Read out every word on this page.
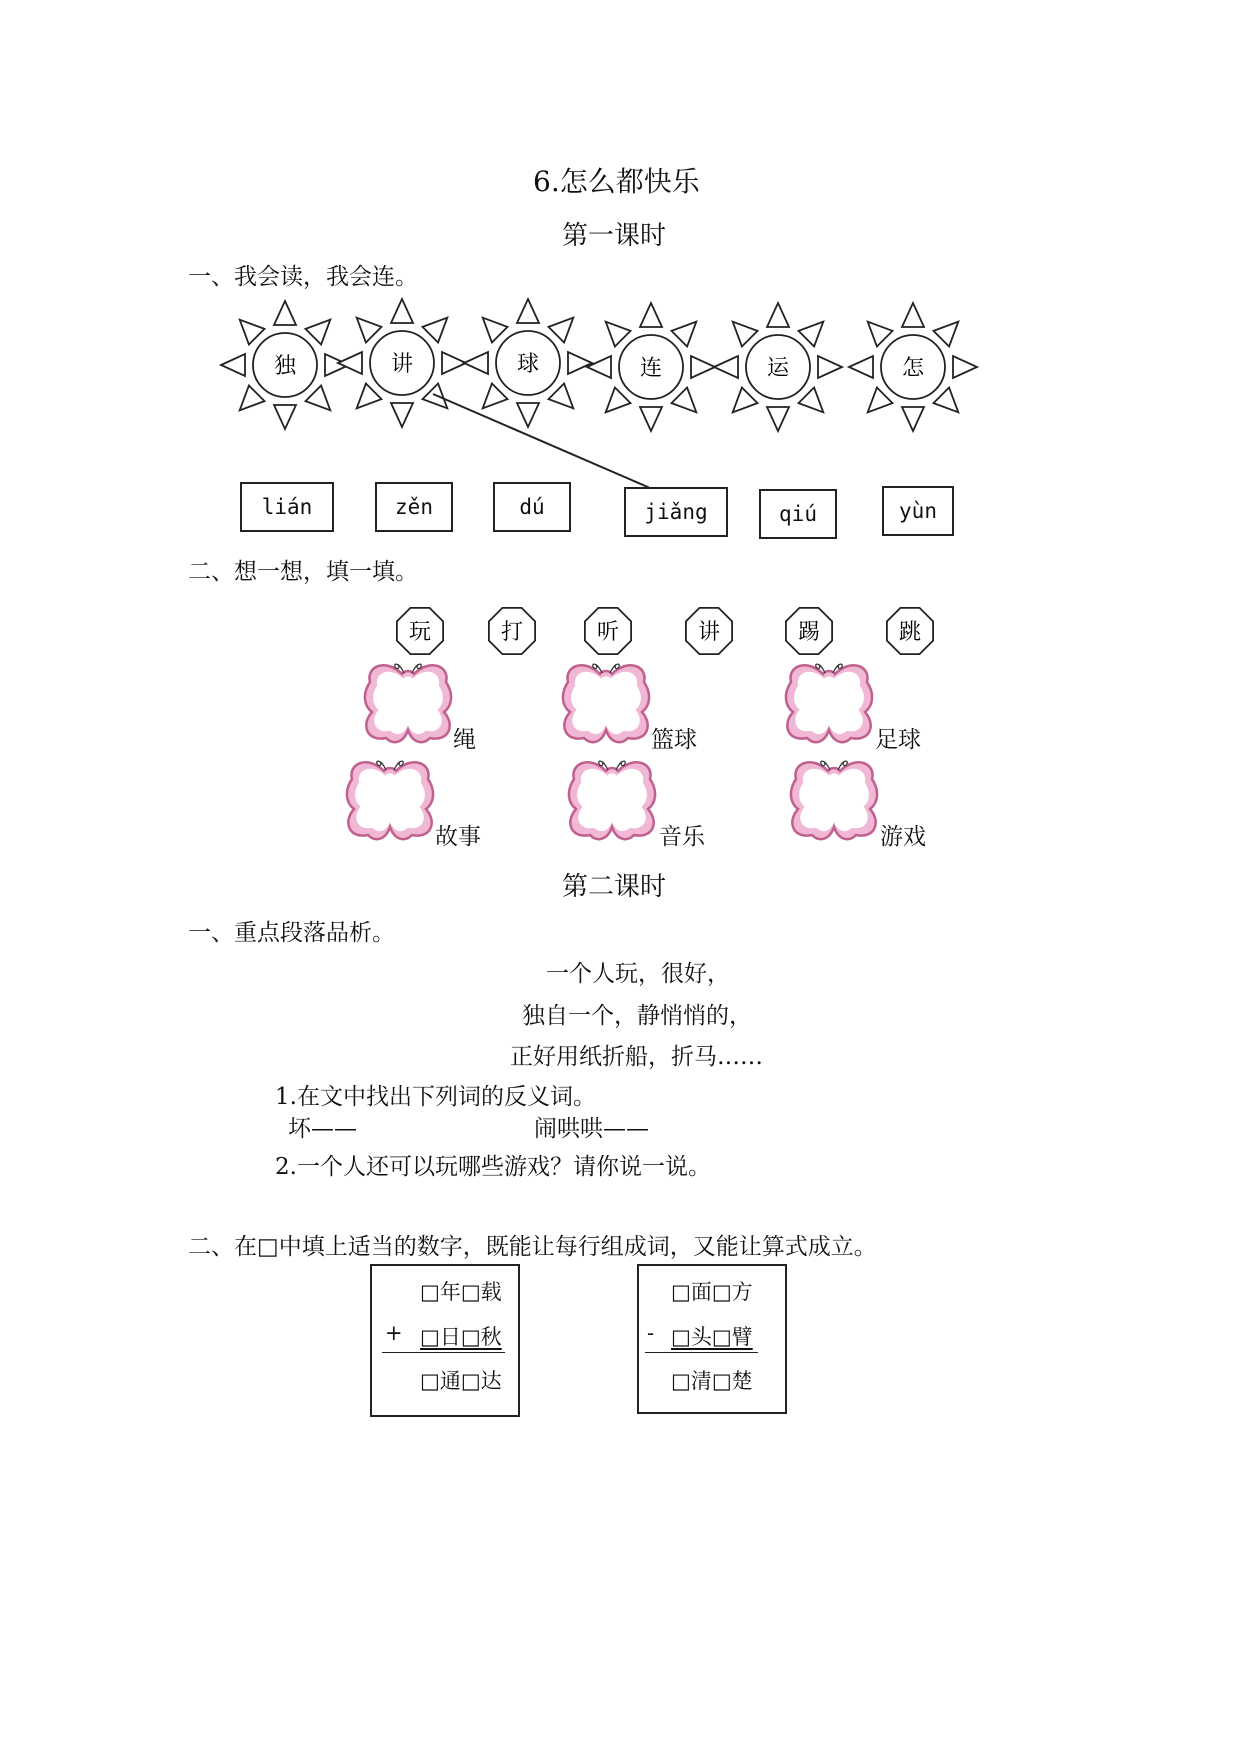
6.怎么都快乐
第一课时
一、我会读，我会连。
独	讲	球	连	运	怎
lián	zěn	dú	jiǎng	qiú	yùn
二、想一想，填一填。
玩	打	听	讲	踢	跳
绳	篮球	足球
故事	音乐	游戏
第二课时
一、重点段落品析。
一个人玩，很好，
独自一个，静悄悄的，
正好用纸折船，折马……
1.在文中找出下列词的反义词。
坏——	闹哄哄——
2.一个人还可以玩哪些游戏？请你说一说。
二、在□中填上适当的数字，既能让每行组成词，又能让算式成立。
□年□载
+ □日□秋
□通□达
□面□方
- □头□臂
□清□楚
